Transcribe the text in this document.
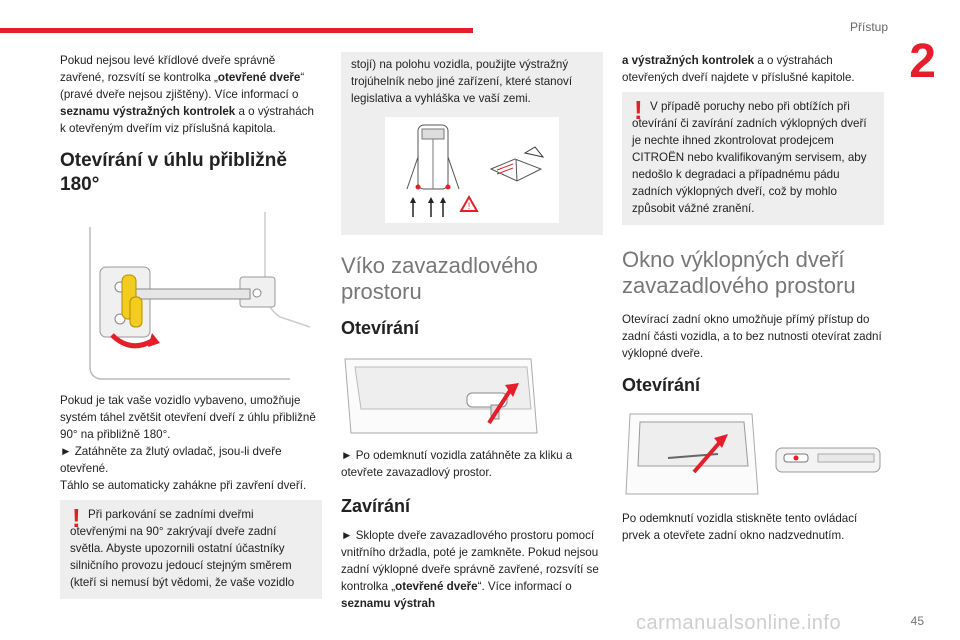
Přístup
2

Pokud nejsou levé křídlové dveře správně zavřené, rozsvítí se kontrolka „otevřené dveře“ (pravé dveře nejsou zjištěny). Více informací o seznamu výstražných kontrolek a o výstrahách k otevřeným dveřím viz příslušná kapitola.

Otevírání v úhlu přibližně 180°

Pokud je tak vaše vozidlo vybaveno, umožňuje systém táhel zvětšit otevření dveří z úhlu přibližně 90° na přibližně 180°.

► Zatáhněte za žlutý ovladač, jsou-li dveře otevřené.

Táhlo se automaticky zahákne při zavření dveří.

! Při parkování se zadními dveřmi otevřenými na 90° zakrývají dveře zadní světla. Abyste upozornili ostatní účastníky silničního provozu jedoucí stejným směrem (kteří si nemusí být vědomi, že vaše vozidlo
stojí) na polohu vozidla, použijte výstražný trojúhelník nebo jiné zařízení, které stanoví legislativa a vyhláška ve vaší zemi.
!
Víko zavazadlového prostoru
Otevírání

► Po odemknutí vozidla zatáhněte za kliku a otevřete zavazadlový prostor.

Zavírání

► Sklopte dveře zavazadlového prostoru pomocí vnitřního držadla, poté je zamkněte. Pokud nejsou zadní výklopné dveře správně zavřené, rozsvítí se kontrolka „otevřené dveře“. Více informací o seznamu výstrah

a výstražných kontrolek a o výstrahách otevřených dveří najdete v příslušné kapitole.

! V případě poruchy nebo při obtížích při otevírání či zavírání zadních výklopných dveří je nechte ihned zkontrolovat prodejcem CITROËN nebo kvalifikovaným servisem, aby nedošlo k degradaci a případnému pádu zadních výklopných dveří, což by mohlo způsobit vážné zranění.
Okno výklopných dveří zavazadlového prostoru

Otevírací zadní okno umožňuje přímý přístup do zadní části vozidla, a to bez nutnosti otevírat zadní výklopné dveře.

Otevírání

Po odemknutí vozidla stiskněte tento ovládací prvek a otevřete zadní okno nadzvednutím.

carmanualsonline.info	45
